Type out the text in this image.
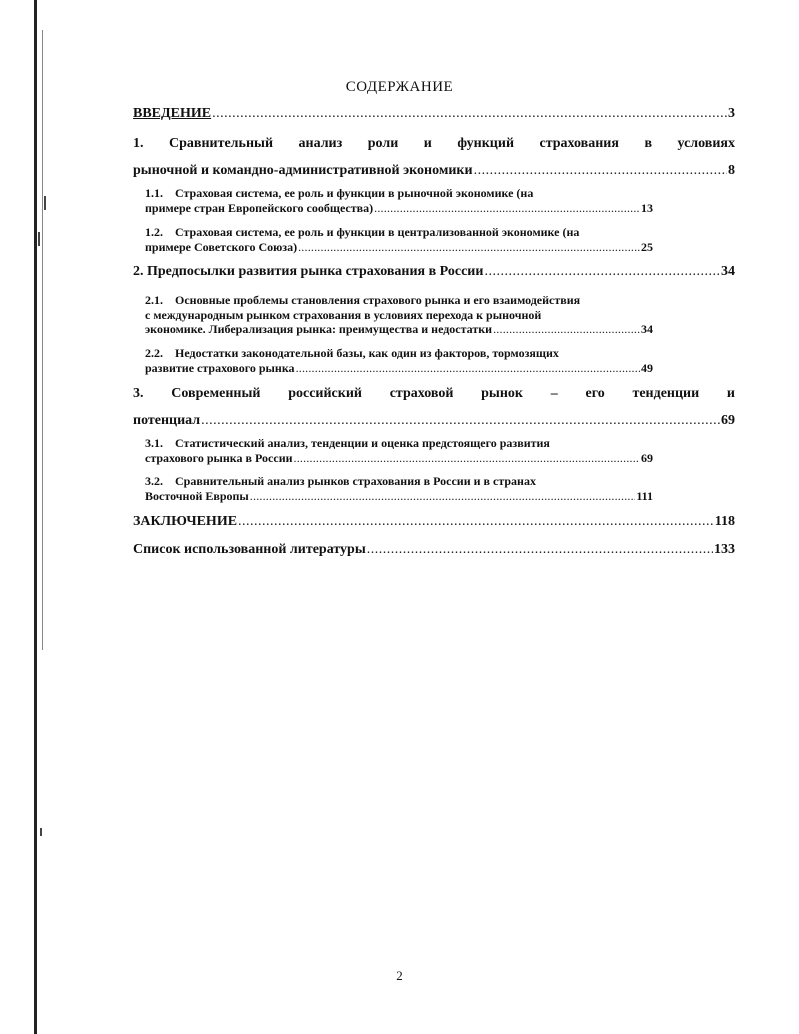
СОДЕРЖАНИЕ
ВВЕДЕНИЕ .....	3
1. Сравнительный анализ роли и функций страхования в условиях
рыночной и командно-административной экономики .....	8
1.1. Страховая система, ее роль и функции в рыночной экономике (на
примере стран Европейского сообщества) .....	13
1.2. Страховая система, ее роль и функции в централизованной экономике (на
примере Советского Союза) .....	25
2. Предпосылки развития рынка страхования в России .....	34
2.1. Основные проблемы становления страхового рынка и его взаимодействия
с международным рынком страхования в условиях перехода к рыночной
экономике. Либерализация рынка: преимущества и недостатки .....	34
2.2. Недостатки законодательной базы, как один из факторов, тормозящих
развитие страхового рынка .....	49
3. Современный российский страховой рынок – его тенденции и
потенциал .....	69
3.1. Статистический анализ, тенденции и оценка предстоящего развития
страхового рынка в России .....	69
3.2. Сравнительный анализ рынков страхования в России и в странах
Восточной Европы .....	111
ЗАКЛЮЧЕНИЕ .....	118
Список использованной литературы .....	133
2
